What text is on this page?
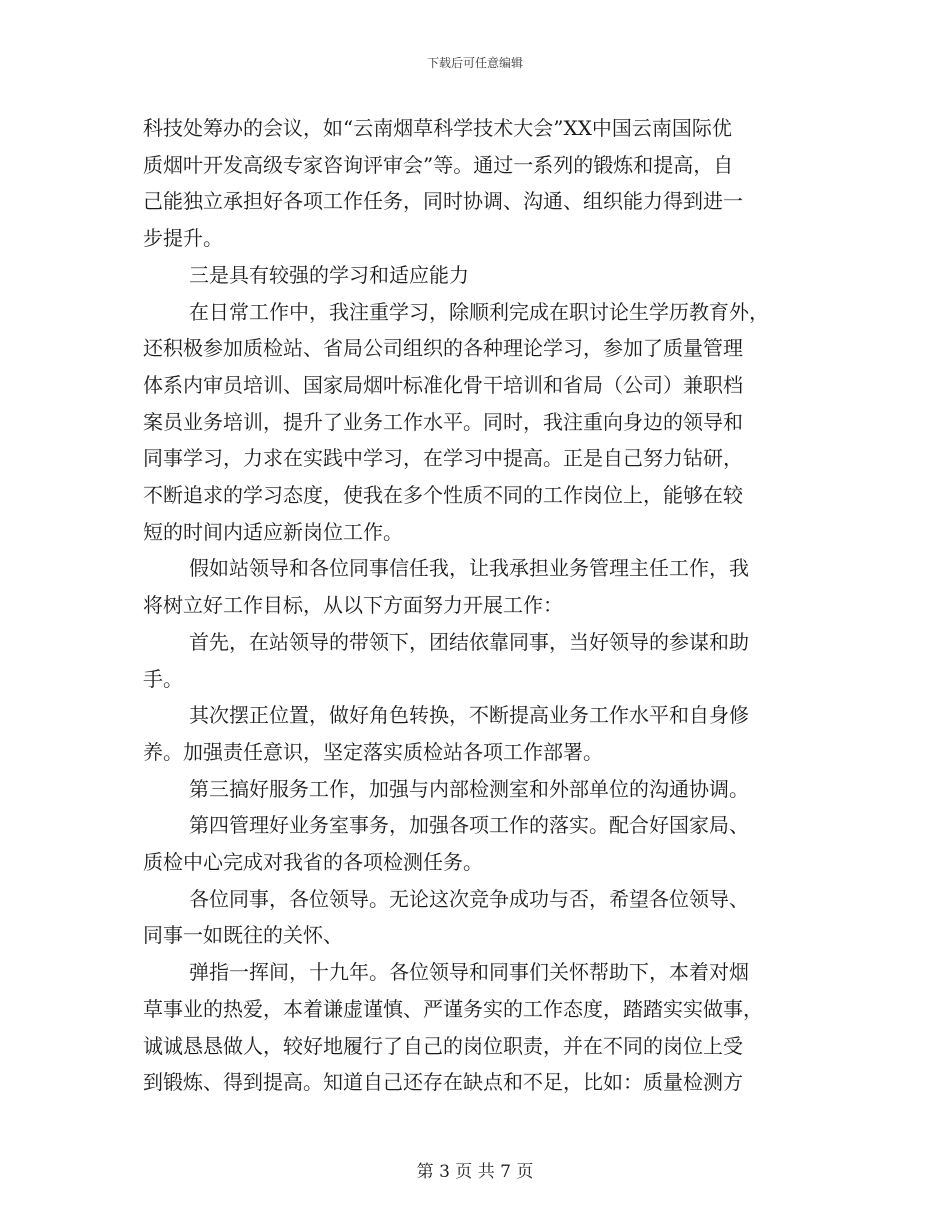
下载后可任意编辑

科技处筹办的会议，如“云南烟草科学技术大会”XX中国云南国际优
质烟叶开发高级专家咨询评审会”等。通过一系列的锻炼和提高，自
己能独立承担好各项工作任务，同时协调、沟通、组织能力得到进一
步提升。

三是具有较强的学习和适应能力

在日常工作中，我注重学习，除顺利完成在职讨论生学历教育外，
还积极参加质检站、省局公司组织的各种理论学习，参加了质量管理
体系内审员培训、国家局烟叶标准化骨干培训和省局（公司）兼职档
案员业务培训，提升了业务工作水平。同时，我注重向身边的领导和
同事学习，力求在实践中学习，在学习中提高。正是自己努力钻研，
不断追求的学习态度，使我在多个性质不同的工作岗位上，能够在较
短的时间内适应新岗位工作。

假如站领导和各位同事信任我，让我承担业务管理主任工作，我
将树立好工作目标，从以下方面努力开展工作：

首先，在站领导的带领下，团结依靠同事，当好领导的参谋和助
手。

其次摆正位置，做好角色转换，不断提高业务工作水平和自身修
养。加强责任意识，坚定落实质检站各项工作部署。

第三搞好服务工作，加强与内部检测室和外部单位的沟通协调。

第四管理好业务室事务，加强各项工作的落实。配合好国家局、
质检中心完成对我省的各项检测任务。

各位同事，各位领导。无论这次竞争成功与否，希望各位领导、
同事一如既往的关怀、

弹指一挥间，十九年。各位领导和同事们关怀帮助下，本着对烟
草事业的热爱，本着谦虚谨慎、严谨务实的工作态度，踏踏实实做事，
诚诚恳恳做人，较好地履行了自己的岗位职责，并在不同的岗位上受
到锻炼、得到提高。知道自己还存在缺点和不足，比如：质量检测方

第 3 页 共 7 页
